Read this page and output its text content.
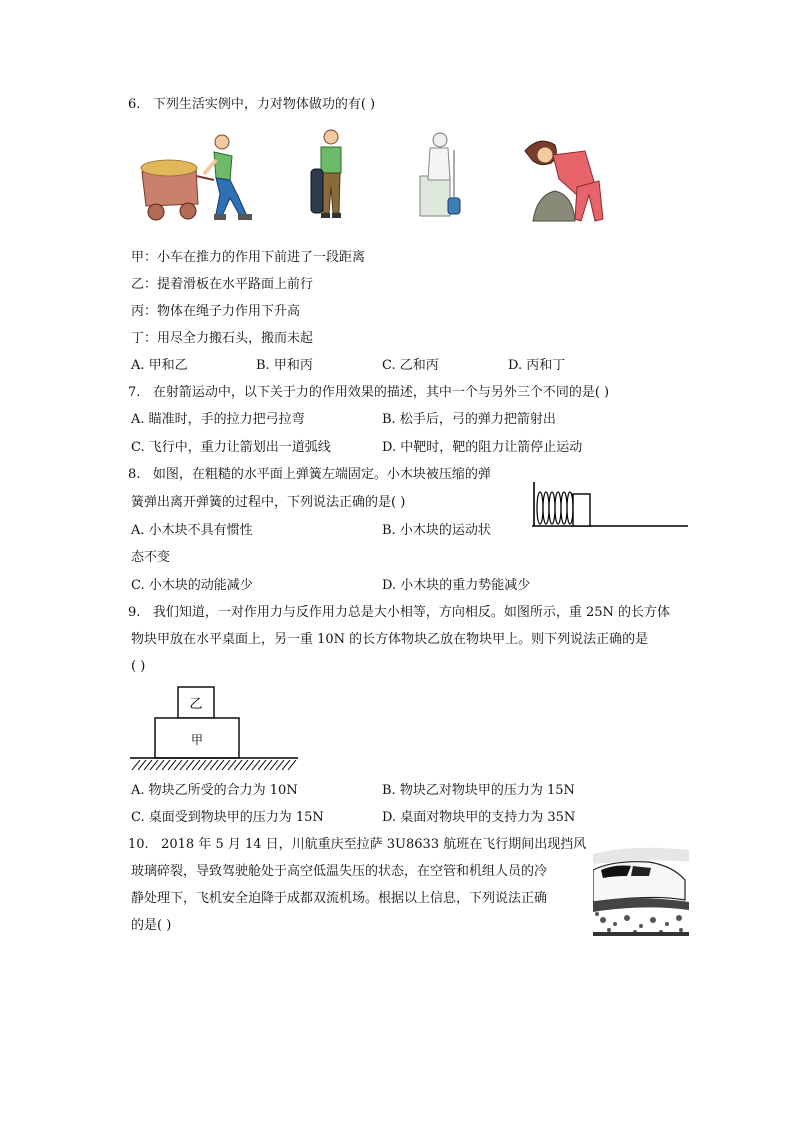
6. 下列生活实例中，力对物体做功的有( )
甲：小车在推力的作用下前进了一段距离
乙：提着滑板在水平路面上前行
丙：物体在绳子力作用下升高
丁：用尽全力搬石头，搬而未起
A. 甲和乙	B. 甲和丙	C. 乙和丙	D. 丙和丁
7. 在射箭运动中，以下关于力的作用效果的描述，其中一个与另外三个不同的是( )
A. 瞄准时，手的拉力把弓拉弯	B. 松手后，弓的弹力把箭射出
C. 飞行中，重力让箭划出一道弧线	D. 中靶时，靶的阻力让箭停止运动
8. 如图，在粗糙的水平面上弹簧左端固定。小木块被压缩的弹
簧弹出离开弹簧的过程中，下列说法正确的是( )
A. 小木块不具有惯性	B. 小木块的运动状
态不变
C. 小木块的动能减少	D. 小木块的重力势能减少
9. 我们知道，一对作用力与反作用力总是大小相等，方向相反。如图所示，重 25N 的长方体
物块甲放在水平桌面上，另一重 10N 的长方体物块乙放在物块甲上。则下列说法正确的是
( )
乙
甲
A. 物块乙所受的合力为 10N	B. 物块乙对物块甲的压力为 15N
C. 桌面受到物块甲的压力为 15N	D. 桌面对物块甲的支持力为 35N
10. 2018 年 5 月 14 日，川航重庆至拉萨 3U8633 航班在飞行期间出现挡风
玻璃碎裂，导致驾驶舱处于高空低温失压的状态，在空管和机组人员的冷
静处理下，飞机安全迫降于成都双流机场。根据以上信息，下列说法正确
的是( )
